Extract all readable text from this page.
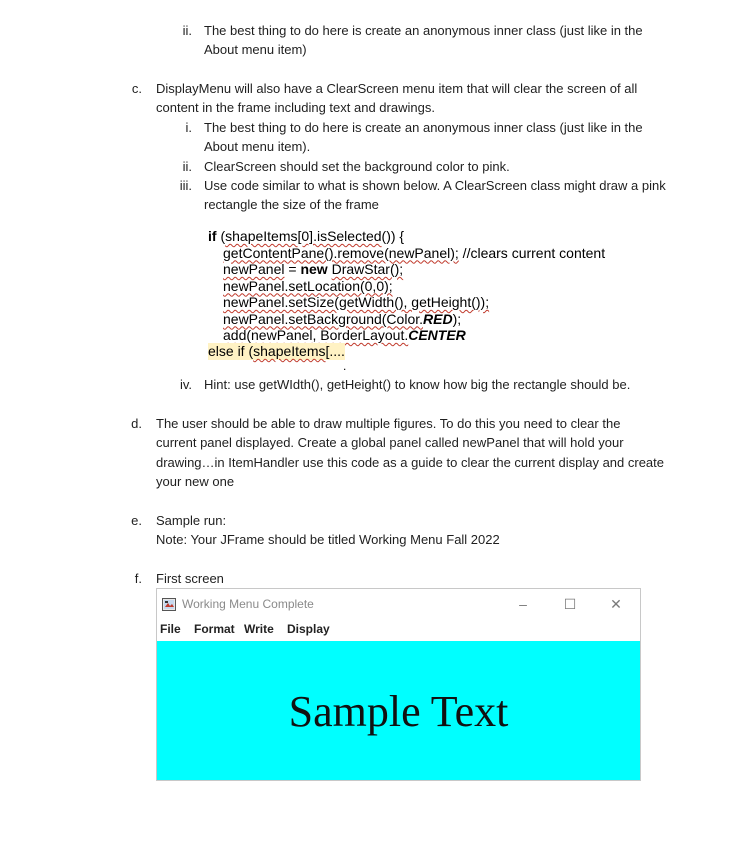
ii. The best thing to do here is create an anonymous inner class (just like in the
About menu item)
c. DisplayMenu will also have a ClearScreen menu item that will clear the screen of all
content in the frame including text and drawings.
i. The best thing to do here is create an anonymous inner class (just like in the
About menu item).
ii. ClearScreen should set the background color to pink.
iii. Use code similar to what is shown below. A ClearScreen class might draw a pink
rectangle the size of the frame
if (shapeItems[0].isSelected()) {
getContentPane().remove(newPanel); //clears current content
newPanel = new DrawStar();
newPanel.setLocation(0,0);
newPanel.setSize(getWidth(), getHeight());
newPanel.setBackground(Color.RED);
add(newPanel, BorderLayout.CENTER
else if (shapeItems[....
.
iv. Hint: use getWIdth(), getHeight() to know how big the rectangle should be.
d. The user should be able to draw multiple figures. To do this you need to clear the
current panel displayed. Create a global panel called newPanel that will hold your
drawing…in ItemHandler use this code as a guide to clear the current display and create
your new one
e. Sample run:
Note: Your JFrame should be titled Working Menu Fall 2022
f. First screen
Working Menu Complete	–	☐	✕
File Format Write Display
Sample Text
